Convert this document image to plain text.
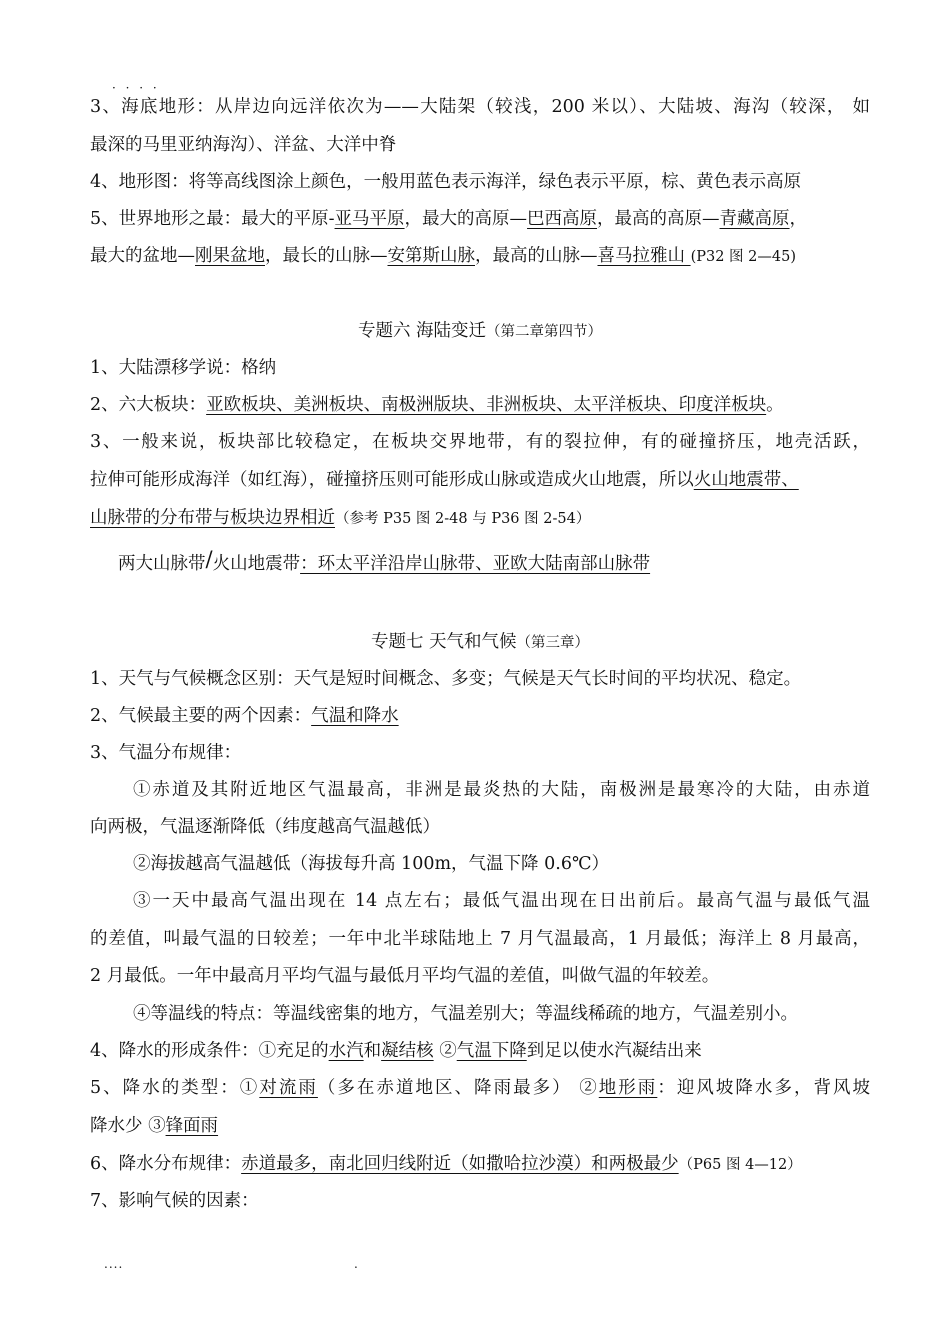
· · · ·
3、海底地形：从岸边向远洋依次为——大陆架（较浅，200 米以）、大陆坡、海沟（较深， 如
最深的马里亚纳海沟）、洋盆、大洋中脊
4、地形图：将等高线图涂上颜色，一般用蓝色表示海洋，绿色表示平原，棕、黄色表示高原
5、世界地形之最：最大的平原-亚马平原，最大的高原—巴西高原，最高的高原—青藏高原，
最大的盆地—刚果盆地，最长的山脉—安第斯山脉，最高的山脉—喜马拉雅山 (P32 图 2—45)
专题六 海陆变迁（第二章第四节）
1、大陆漂移学说：格纳
2、六大板块：亚欧板块、美洲板块、南极洲版块、非洲板块、太平洋板块、印度洋板块。
3、一般来说，板块部比较稳定，在板块交界地带，有的裂拉伸，有的碰撞挤压，地壳活跃，
拉伸可能形成海洋（如红海），碰撞挤压则可能形成山脉或造成火山地震，所以火山地震带、
山脉带的分布带与板块边界相近（参考 P35 图 2-48 与 P36 图 2-54）
两大山脉带/火山地震带：环太平洋沿岸山脉带、亚欧大陆南部山脉带
专题七 天气和气候（第三章）
1、天气与气候概念区别：天气是短时间概念、多变；气候是天气长时间的平均状况、稳定。
2、气候最主要的两个因素：气温和降水
3、气温分布规律：
①赤道及其附近地区气温最高，非洲是最炎热的大陆，南极洲是最寒冷的大陆，由赤道
向两极，气温逐渐降低（纬度越高气温越低）
②海拔越高气温越低（海拔每升高 100m，气温下降 0.6℃）
③一天中最高气温出现在 14 点左右；最低气温出现在日出前后。最高气温与最低气温
的差值，叫最气温的日较差；一年中北半球陆地上 7 月气温最高，1 月最低；海洋上 8 月最高，
2 月最低。一年中最高月平均气温与最低月平均气温的差值，叫做气温的年较差。
④等温线的特点：等温线密集的地方，气温差别大；等温线稀疏的地方，气温差别小。
4、降水的形成条件：①充足的水汽和凝结核 ②气温下降到足以使水汽凝结出来
5、降水的类型：①对流雨（多在赤道地区、降雨最多） ②地形雨：迎风坡降水多，背风坡
降水少 ③锋面雨
6、降水分布规律：赤道最多，南北回归线附近（如撒哈拉沙漠）和两极最少（P65 图 4—12）
7、影响气候的因素：
....	.
